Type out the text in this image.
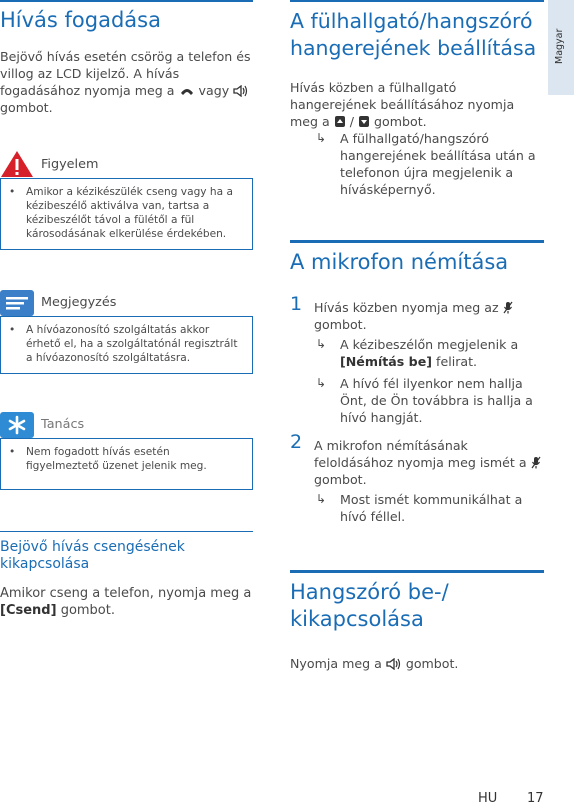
Magyar
Hívás fogadása

Bejövő hívás esetén csörög a telefon és villog az LCD kijelző. A hívás fogadásához nyomja meg a vagy  gombot.

Figyelem
• Amikor a kézikészülék cseng vagy ha a kézibeszélő aktiválva van, tartsa a kézibeszélőt távol a fülétől a fül károsodásának elkerülése érdekében.
Megjegyzés
• A hívóazonosító szolgáltatás akkor érhető el, ha a szolgáltatónál regisztrált a hívóazonosító szolgáltatásra.
Tanács
• Nem fogadott hívás esetén figyelmeztető üzenet jelenik meg.
Bejövő hívás csengésének kikapcsolása

Amikor cseng a telefon, nyomja meg a [Csend] gombot.

A fülhallgató/hangszóró hangerejének beállítása

Hívás közben a fülhallgató hangerejének beállításához nyomja meg a / gombot.

↳ A fülhallgató/hangszóró hangerejének beállítása után a telefonon újra megjelenik a hívásképernyő.
A mikrofon némítása
1 Hívás közben nyomja meg az  gombot.
↳ A kézibeszélőn megjelenik a [Némítás be] felirat.
↳ A hívó fél ilyenkor nem hallja Önt, de Ön továbbra is hallja a hívó hangját.
2 A mikrofon némításának feloldásához nyomja meg ismét a  gombot.
↳ Most ismét kommunikálhat a hívó féllel.
Hangszóró be-/ kikapcsolása

Nyomja meg a gombot.

HU 17
